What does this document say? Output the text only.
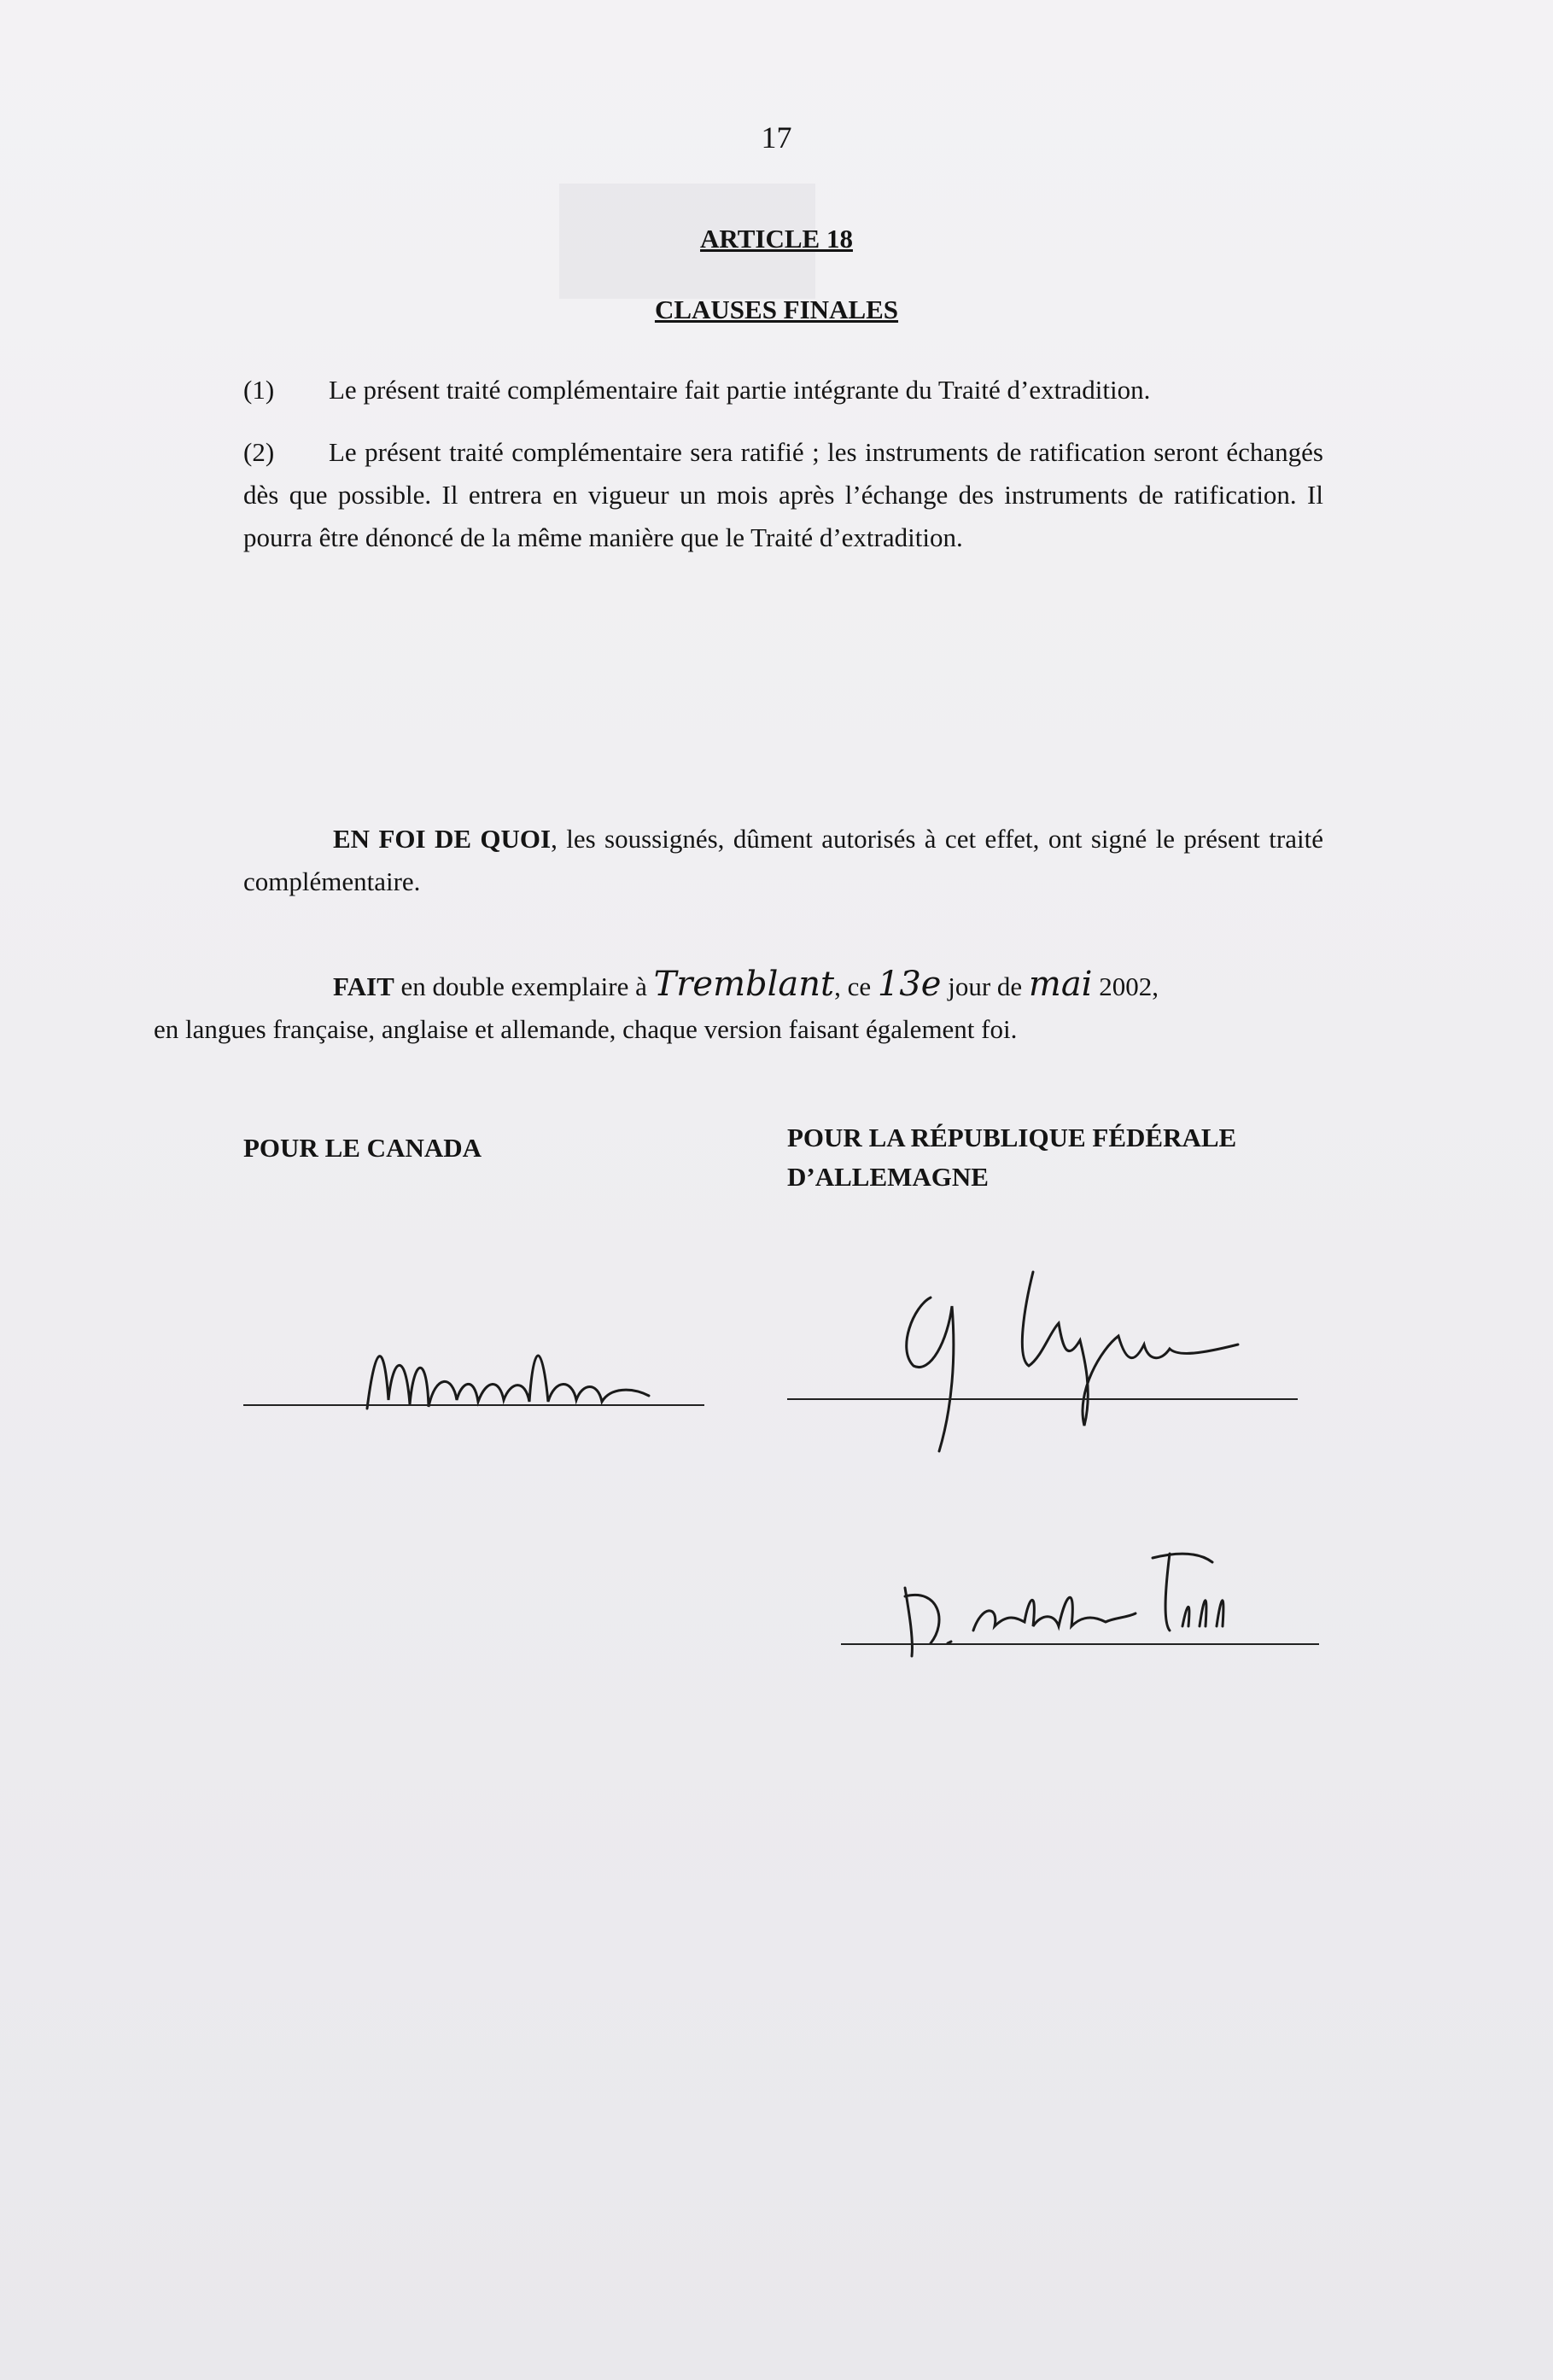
17
ARTICLE 18
CLAUSES FINALES
(1) Le présent traité complémentaire fait partie intégrante du Traité d’extradition.
(2) Le présent traité complémentaire sera ratifié ; les instruments de ratification seront échangés dès que possible. Il entrera en vigueur un mois après l’échange des instruments de ratification. Il pourra être dénoncé de la même manière que le Traité d’extradition.
EN FOI DE QUOI, les soussignés, dûment autorisés à cet effet, ont signé le présent traité complémentaire.
FAIT en double exemplaire à Tremblant, ce 13e jour de mai 2002,
en langues française, anglaise et allemande, chaque version faisant également foi.
POUR LE CANADA	POUR LA RÉPUBLIQUE FÉDÉRALE
D’ALLEMAGNE
